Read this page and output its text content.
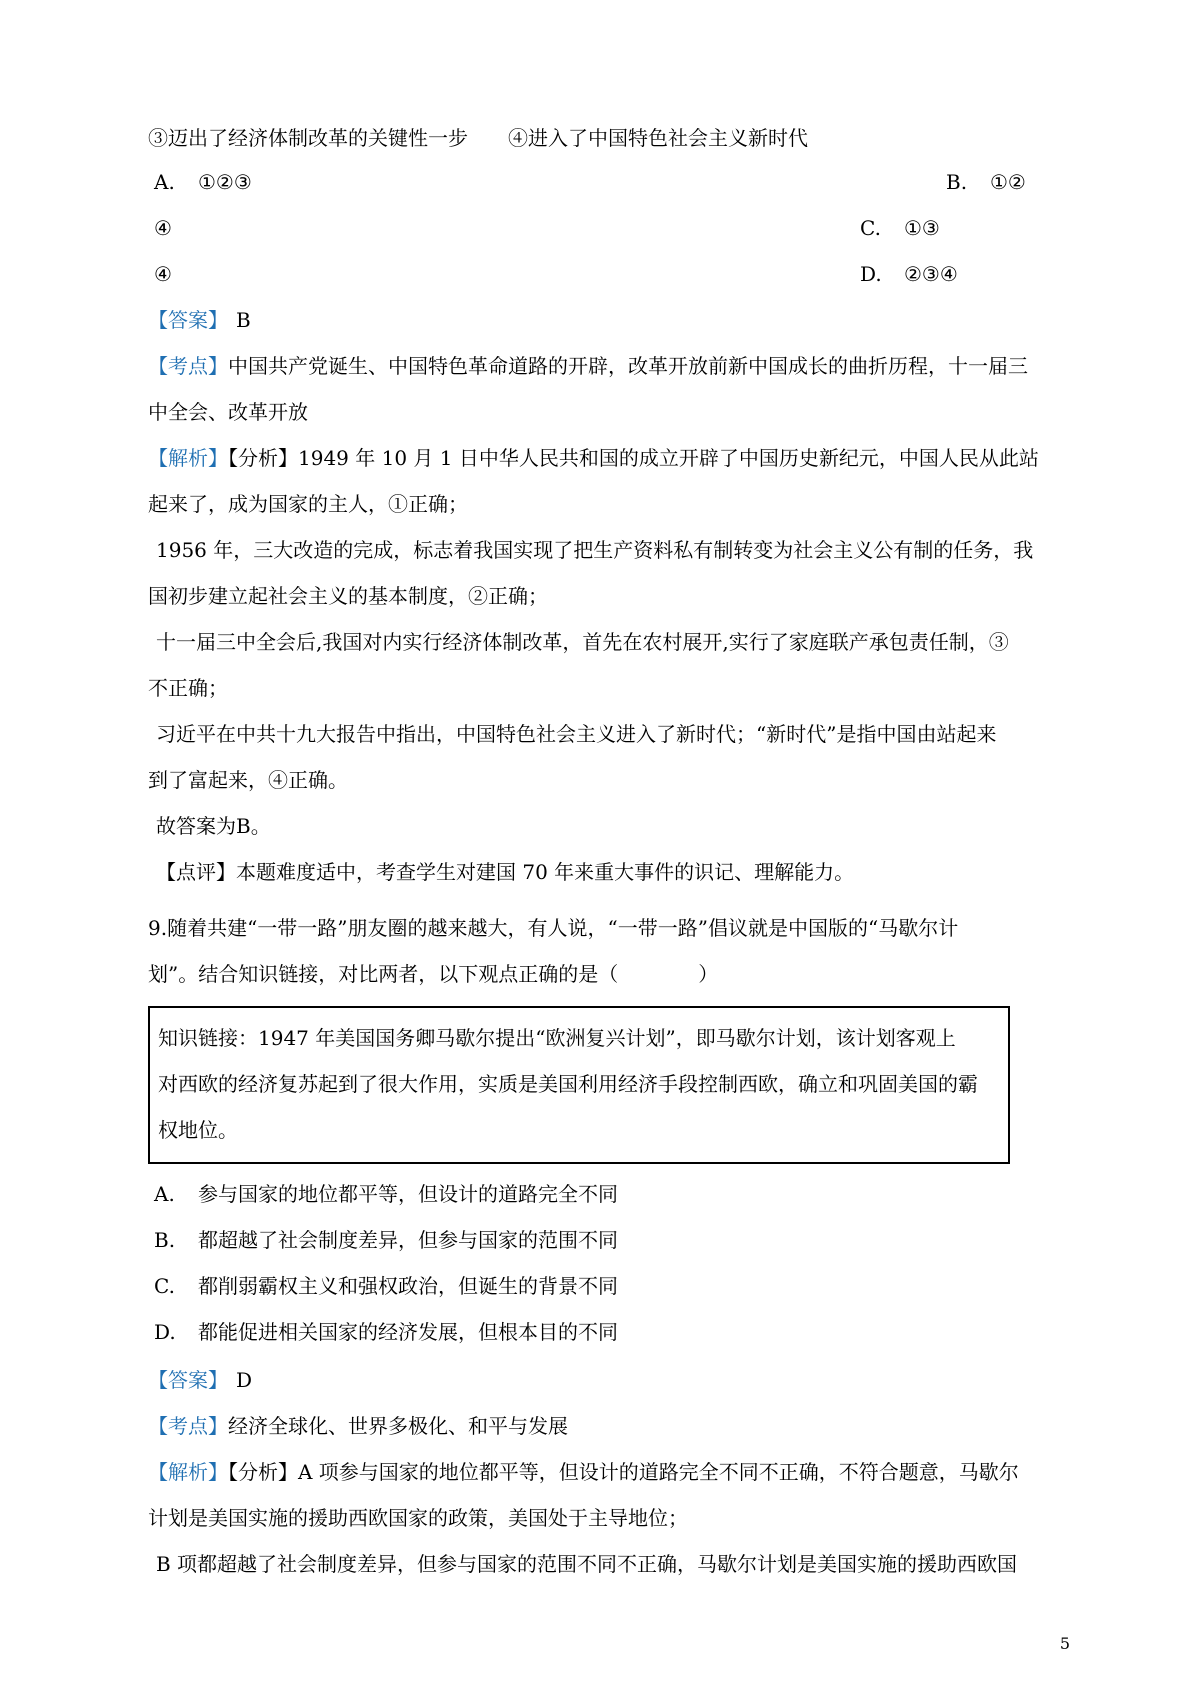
③迈出了经济体制改革的关键性一步　　④进入了中国特色社会主义新时代
A. ①②③	B. ①②
④	C. ①③
④	D. ②③④
【答案】 B
【考点】中国共产党诞生、中国特色革命道路的开辟，改革开放前新中国成长的曲折历程，十一届三
中全会、改革开放
【解析】【分析】1949 年 10 月 1 日中华人民共和国的成立开辟了中国历史新纪元，中国人民从此站
起来了，成为国家的主人，①正确；
1956 年，三大改造的完成，标志着我国实现了把生产资料私有制转变为社会主义公有制的任务，我
国初步建立起社会主义的基本制度，②正确；
十一届三中全会后,我国对内实行经济体制改革，首先在农村展开,实行了家庭联产承包责任制，③
不正确；
习近平在中共十九大报告中指出，中国特色社会主义进入了新时代；“新时代”是指中国由站起来
到了富起来，④正确。
故答案为B。
【点评】本题难度适中，考查学生对建国 70 年来重大事件的识记、理解能力。
9.随着共建“一带一路”朋友圈的越来越大，有人说，“一带一路”倡议就是中国版的“马歇尔计
划”。结合知识链接，对比两者，以下观点正确的是（　　　　）
知识链接：1947 年美国国务卿马歇尔提出“欧洲复兴计划”，即马歇尔计划，该计划客观上
对西欧的经济复苏起到了很大作用，实质是美国利用经济手段控制西欧，确立和巩固美国的霸
权地位。
A. 参与国家的地位都平等，但设计的道路完全不同
B. 都超越了社会制度差异，但参与国家的范围不同
C. 都削弱霸权主义和强权政治，但诞生的背景不同
D. 都能促进相关国家的经济发展，但根本目的不同
【答案】 D
【考点】经济全球化、世界多极化、和平与发展
【解析】【分析】A 项参与国家的地位都平等，但设计的道路完全不同不正确，不符合题意，马歇尔
计划是美国实施的援助西欧国家的政策，美国处于主导地位；
B 项都超越了社会制度差异，但参与国家的范围不同不正确，马歇尔计划是美国实施的援助西欧国
5
